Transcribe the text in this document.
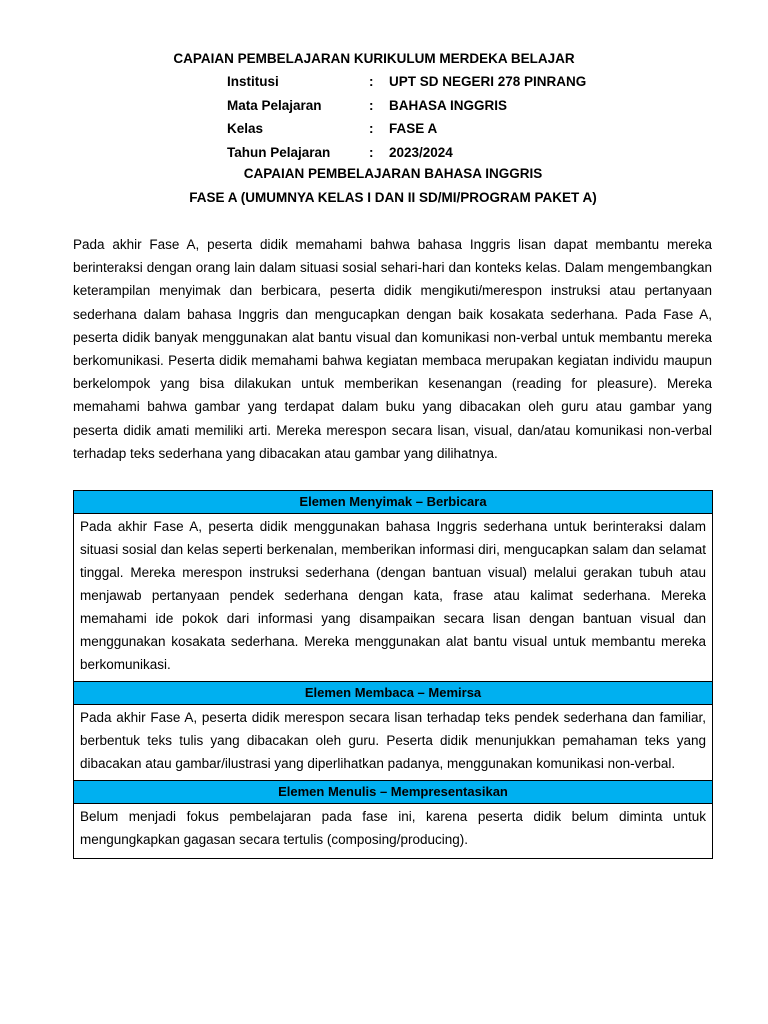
CAPAIAN PEMBELAJARAN KURIKULUM MERDEKA BELAJAR
Institusi	:	UPT SD NEGERI 278 PINRANG
Mata Pelajaran	:	BAHASA INGGRIS
Kelas	:	FASE A
Tahun Pelajaran	:	2023/2024
CAPAIAN PEMBELAJARAN BAHASA INGGRIS
FASE A (UMUMNYA KELAS I DAN II SD/MI/PROGRAM PAKET A)

Pada akhir Fase A, peserta didik memahami bahwa bahasa Inggris lisan dapat membantu mereka berinteraksi dengan orang lain dalam situasi sosial sehari-hari dan konteks kelas. Dalam mengembangkan keterampilan menyimak dan berbicara, peserta didik mengikuti/merespon instruksi atau pertanyaan sederhana dalam bahasa Inggris dan mengucapkan dengan baik kosakata sederhana. Pada Fase A, peserta didik banyak menggunakan alat bantu visual dan komunikasi non-verbal untuk membantu mereka berkomunikasi. Peserta didik memahami bahwa kegiatan membaca merupakan kegiatan individu maupun berkelompok yang bisa dilakukan untuk memberikan kesenangan (reading for pleasure). Mereka memahami bahwa gambar yang terdapat dalam buku yang dibacakan oleh guru atau gambar yang peserta didik amati memiliki arti. Mereka merespon secara lisan, visual, dan/atau komunikasi non-verbal terhadap teks sederhana yang dibacakan atau gambar yang dilihatnya.

Elemen Menyimak – Berbicara
Pada akhir Fase A, peserta didik menggunakan bahasa Inggris sederhana untuk berinteraksi dalam situasi sosial dan kelas seperti berkenalan, memberikan informasi diri, mengucapkan salam dan selamat tinggal. Mereka merespon instruksi sederhana (dengan bantuan visual) melalui gerakan tubuh atau menjawab pertanyaan pendek sederhana dengan kata, frase atau kalimat sederhana. Mereka memahami ide pokok dari informasi yang disampaikan secara lisan dengan bantuan visual dan menggunakan kosakata sederhana. Mereka menggunakan alat bantu visual untuk membantu mereka berkomunikasi.
Elemen Membaca – Memirsa
Pada akhir Fase A, peserta didik merespon secara lisan terhadap teks pendek sederhana dan familiar, berbentuk teks tulis yang dibacakan oleh guru. Peserta didik menunjukkan pemahaman teks yang dibacakan atau gambar/ilustrasi yang diperlihatkan padanya, menggunakan komunikasi non-verbal.
Elemen Menulis – Mempresentasikan
Belum menjadi fokus pembelajaran pada fase ini, karena peserta didik belum diminta untuk mengungkapkan gagasan secara tertulis (composing/producing).
